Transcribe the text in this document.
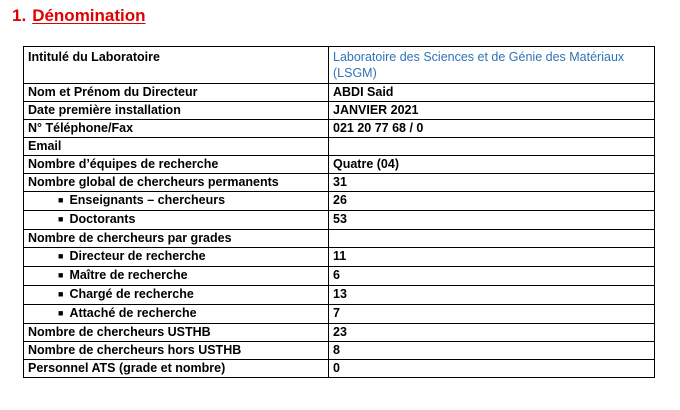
1. Dénomination
Intitulé du Laboratoire	Laboratoire des Sciences et de Génie des Matériaux
(LSGM)

Nom et Prénom du Directeur	ABDI Said
Date première installation	JANVIER 2021
N° Téléphone/Fax	021 20 77 68 / 0
Email	
Nombre d’équipes de recherche	Quatre (04)
Nombre global de chercheurs permanents	31
■ Enseignants – chercheurs	26
■ Doctorants	53
Nombre de chercheurs par grades	
■ Directeur de recherche	11
■ Maître de recherche	6
■ Chargé de recherche	13
■ Attaché de recherche	7
Nombre de chercheurs USTHB	23
Nombre de chercheurs hors USTHB	8
Personnel ATS (grade et nombre)	0
